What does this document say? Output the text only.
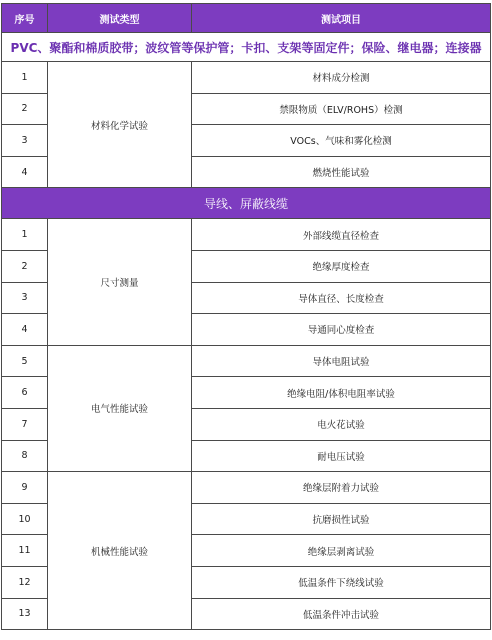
序号	测试类型	测试项目
PVC、聚酯和棉质胶带；波纹管等保护管；卡扣、支架等固定件；保险、继电器；连接器		
1	材料化学试验	材料成分检测
2		禁限物质（ELV/ROHS）检测
3		VOCs、气味和雾化检测
4		燃烧性能试验
导线、屏蔽线缆		
1	尺寸测量	外部线缆直径检查
2		绝缘厚度检查
3		导体直径、长度检查
4		导通同心度检查
5	电气性能试验	导体电阻试验
6		绝缘电阻/体积电阻率试验
7		电火花试验
8		耐电压试验
9	机械性能试验	绝缘层附着力试验
10		抗磨损性试验
11		绝缘层剥离试验
12		低温条件下绕线试验
13		低温条件冲击试验
